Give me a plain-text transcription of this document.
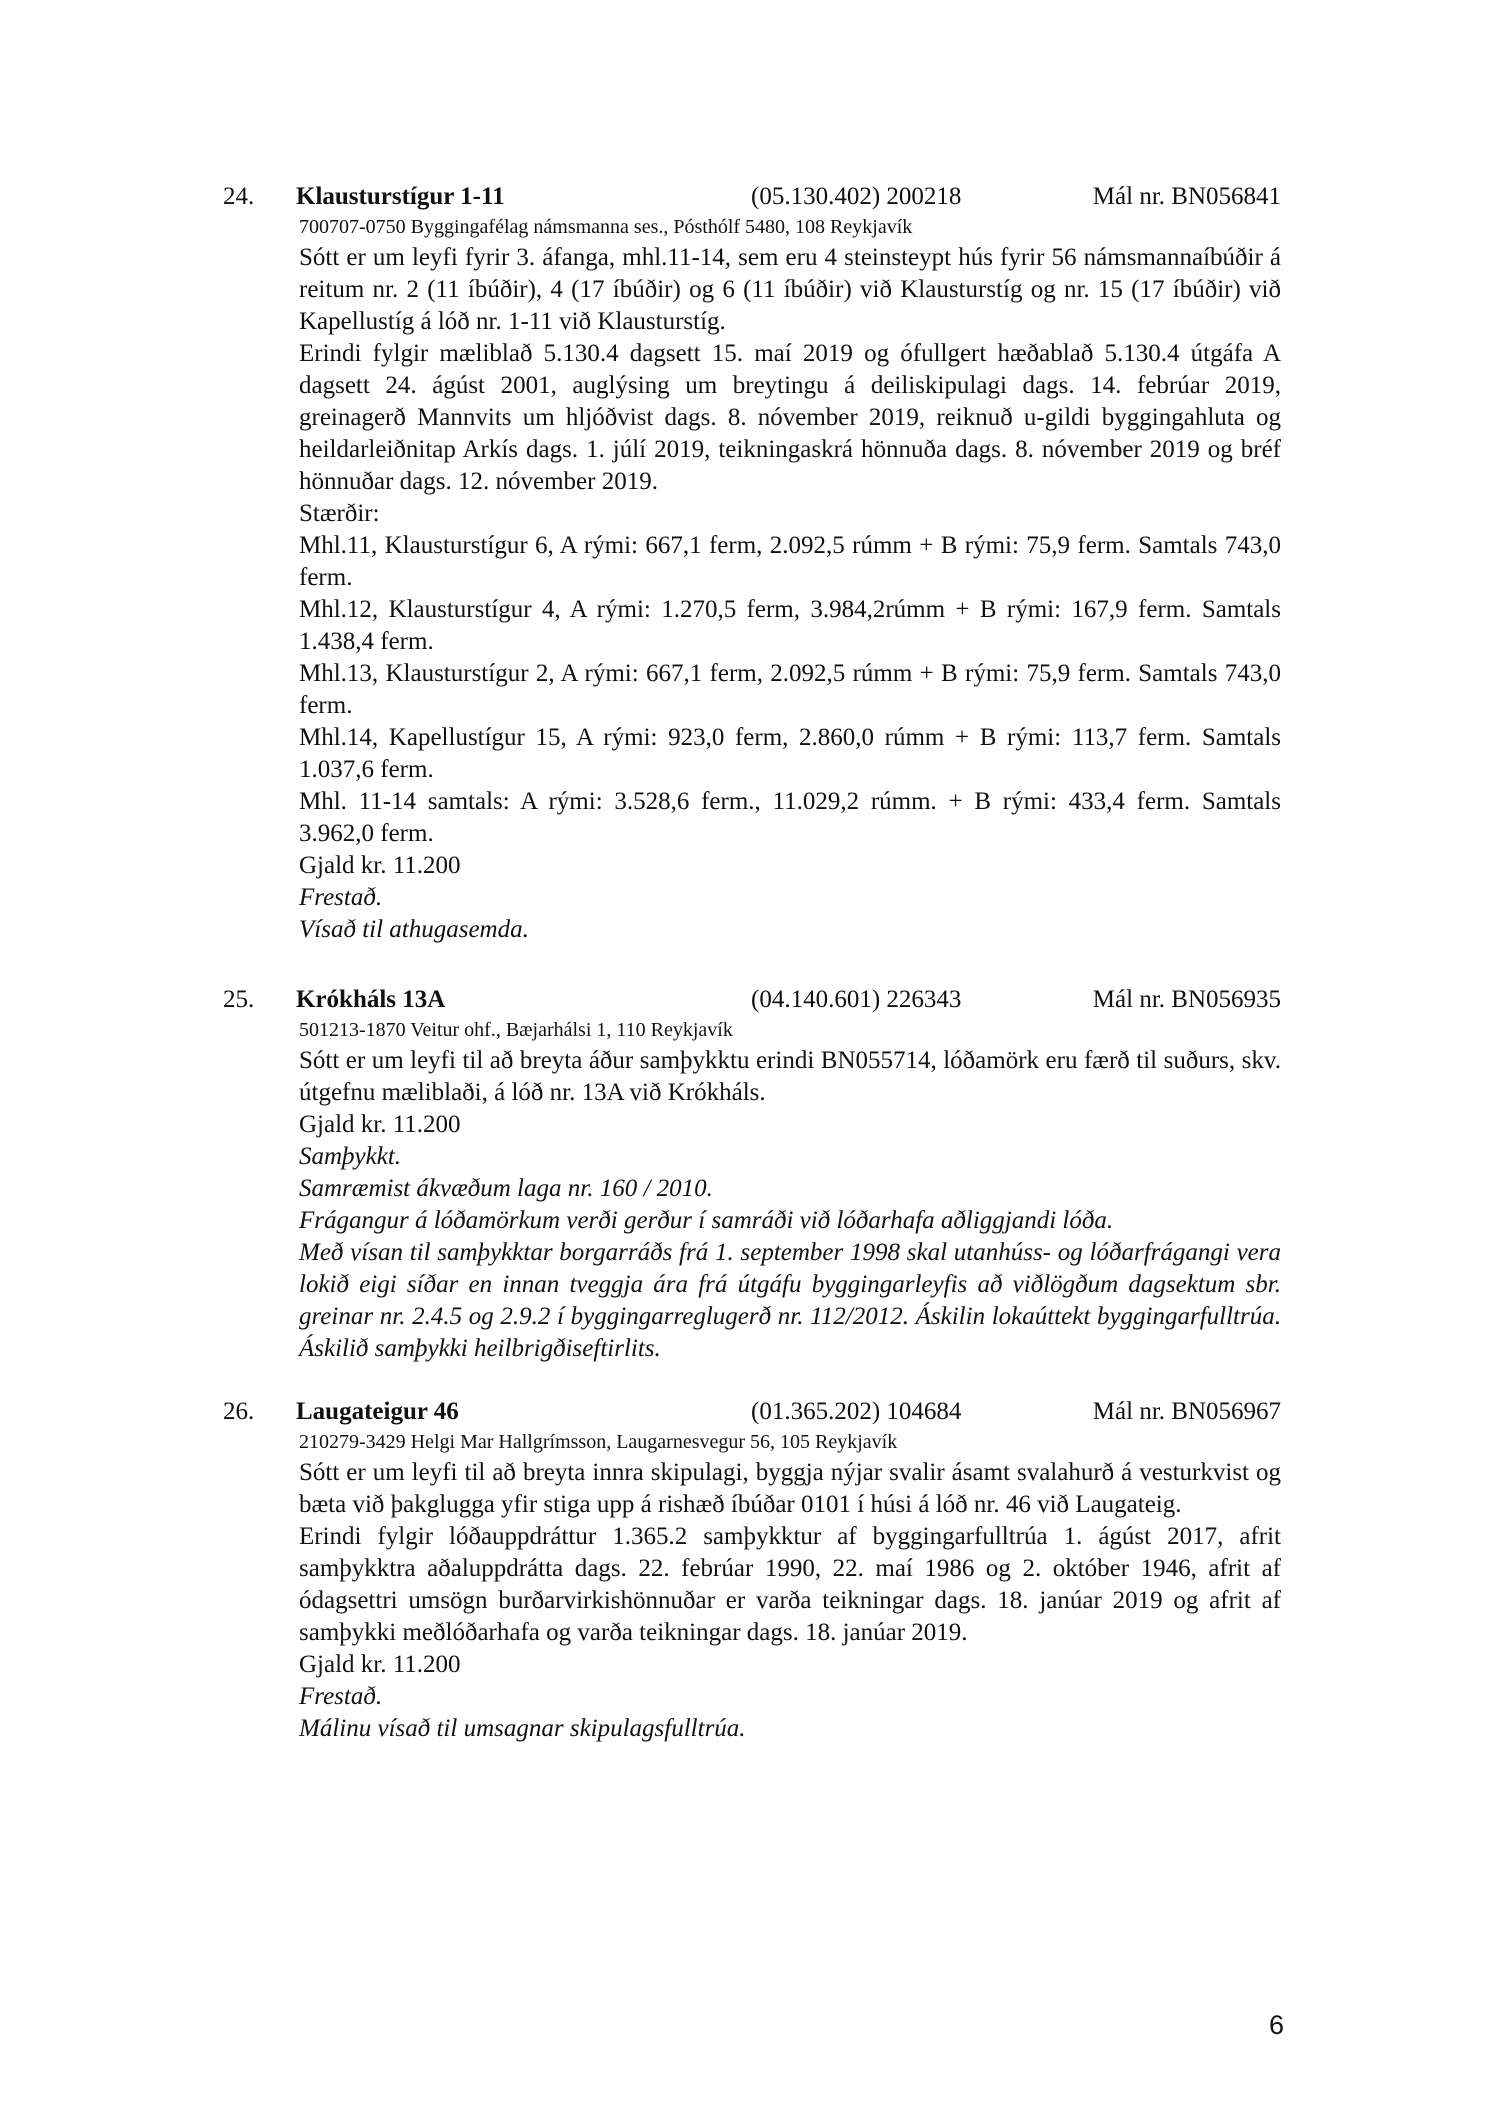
24. Klausturstígur 1-11	(05.130.402) 200218	Mál nr. BN056841
700707-0750 Byggingafélag námsmanna ses., Pósthólf 5480, 108 Reykjavík

Sótt er um leyfi fyrir 3. áfanga, mhl.11-14, sem eru 4 steinsteypt hús fyrir 56 námsmannaíbúðir á reitum nr. 2 (11 íbúðir), 4 (17 íbúðir) og 6 (11 íbúðir) við Klausturstíg og nr. 15 (17 íbúðir) við Kapellustíg á lóð nr. 1-11 við Klausturstíg.

Erindi fylgir mæliblað 5.130.4 dagsett 15. maí 2019 og ófullgert hæðablað 5.130.4 útgáfa A dagsett 24. ágúst 2001, auglýsing um breytingu á deiliskipulagi dags. 14. febrúar 2019, greinagerð Mannvits um hljóðvist dags. 8. nóvember 2019, reiknuð u-gildi byggingahluta og heildarleiðnitap Arkís dags. 1. júlí 2019, teikningaskrá hönnuða dags. 8. nóvember 2019 og bréf hönnuðar dags. 12. nóvember 2019.

Stærðir:

Mhl.11, Klausturstígur 6, A rými: 667,1 ferm, 2.092,5 rúmm + B rými: 75,9 ferm. Samtals 743,0 ferm.

Mhl.12, Klausturstígur 4, A rými: 1.270,5 ferm, 3.984,2rúmm + B rými: 167,9 ferm. Samtals 1.438,4 ferm.

Mhl.13, Klausturstígur 2, A rými: 667,1 ferm, 2.092,5 rúmm + B rými: 75,9 ferm. Samtals 743,0 ferm.

Mhl.14, Kapellustígur 15, A rými: 923,0 ferm, 2.860,0 rúmm + B rými: 113,7 ferm. Samtals 1.037,6 ferm.

Mhl. 11-14 samtals: A rými: 3.528,6 ferm., 11.029,2 rúmm. + B rými: 433,4 ferm. Samtals 3.962,0 ferm.

Gjald kr. 11.200

Frestað.

Vísað til athugasemda.

25. Krókháls 13A	(04.140.601) 226343	Mál nr. BN056935
501213-1870 Veitur ohf., Bæjarhálsi 1, 110 Reykjavík

Sótt er um leyfi til að breyta áður samþykktu erindi BN055714, lóðamörk eru færð til suðurs, skv. útgefnu mæliblaði, á lóð nr. 13A við Krókháls.

Gjald kr. 11.200

Samþykkt.

Samræmist ákvæðum laga nr. 160 / 2010.

Frágangur á lóðamörkum verði gerður í samráði við lóðarhafa aðliggjandi lóða.

Með vísan til samþykktar borgarráðs frá 1. september 1998 skal utanhúss- og lóðarfrágangi vera lokið eigi síðar en innan tveggja ára frá útgáfu byggingarleyfis að viðlögðum dagsektum sbr. greinar nr. 2.4.5 og 2.9.2 í byggingarreglugerð nr. 112/2012. Áskilin lokaúttekt byggingarfulltrúa. Áskilið samþykki heilbrigðiseftirlits.

26. Laugateigur 46	(01.365.202) 104684	Mál nr. BN056967
210279-3429 Helgi Mar Hallgrímsson, Laugarnesvegur 56, 105 Reykjavík

Sótt er um leyfi til að breyta innra skipulagi, byggja nýjar svalir ásamt svalahurð á vesturkvist og bæta við þakglugga yfir stiga upp á rishæð íbúðar 0101 í húsi á lóð nr. 46 við Laugateig.

Erindi fylgir lóðauppdráttur 1.365.2 samþykktur af byggingarfulltrúa 1. ágúst 2017, afrit samþykktra aðaluppdrátta dags. 22. febrúar 1990, 22. maí 1986 og 2. október 1946, afrit af ódagsettri umsögn burðarvirkishönnuðar er varða teikningar dags. 18. janúar 2019 og afrit af samþykki meðlóðarhafa og varða teikningar dags. 18. janúar 2019.

Gjald kr. 11.200

Frestað.

Málinu vísað til umsagnar skipulagsfulltrúa.

6
